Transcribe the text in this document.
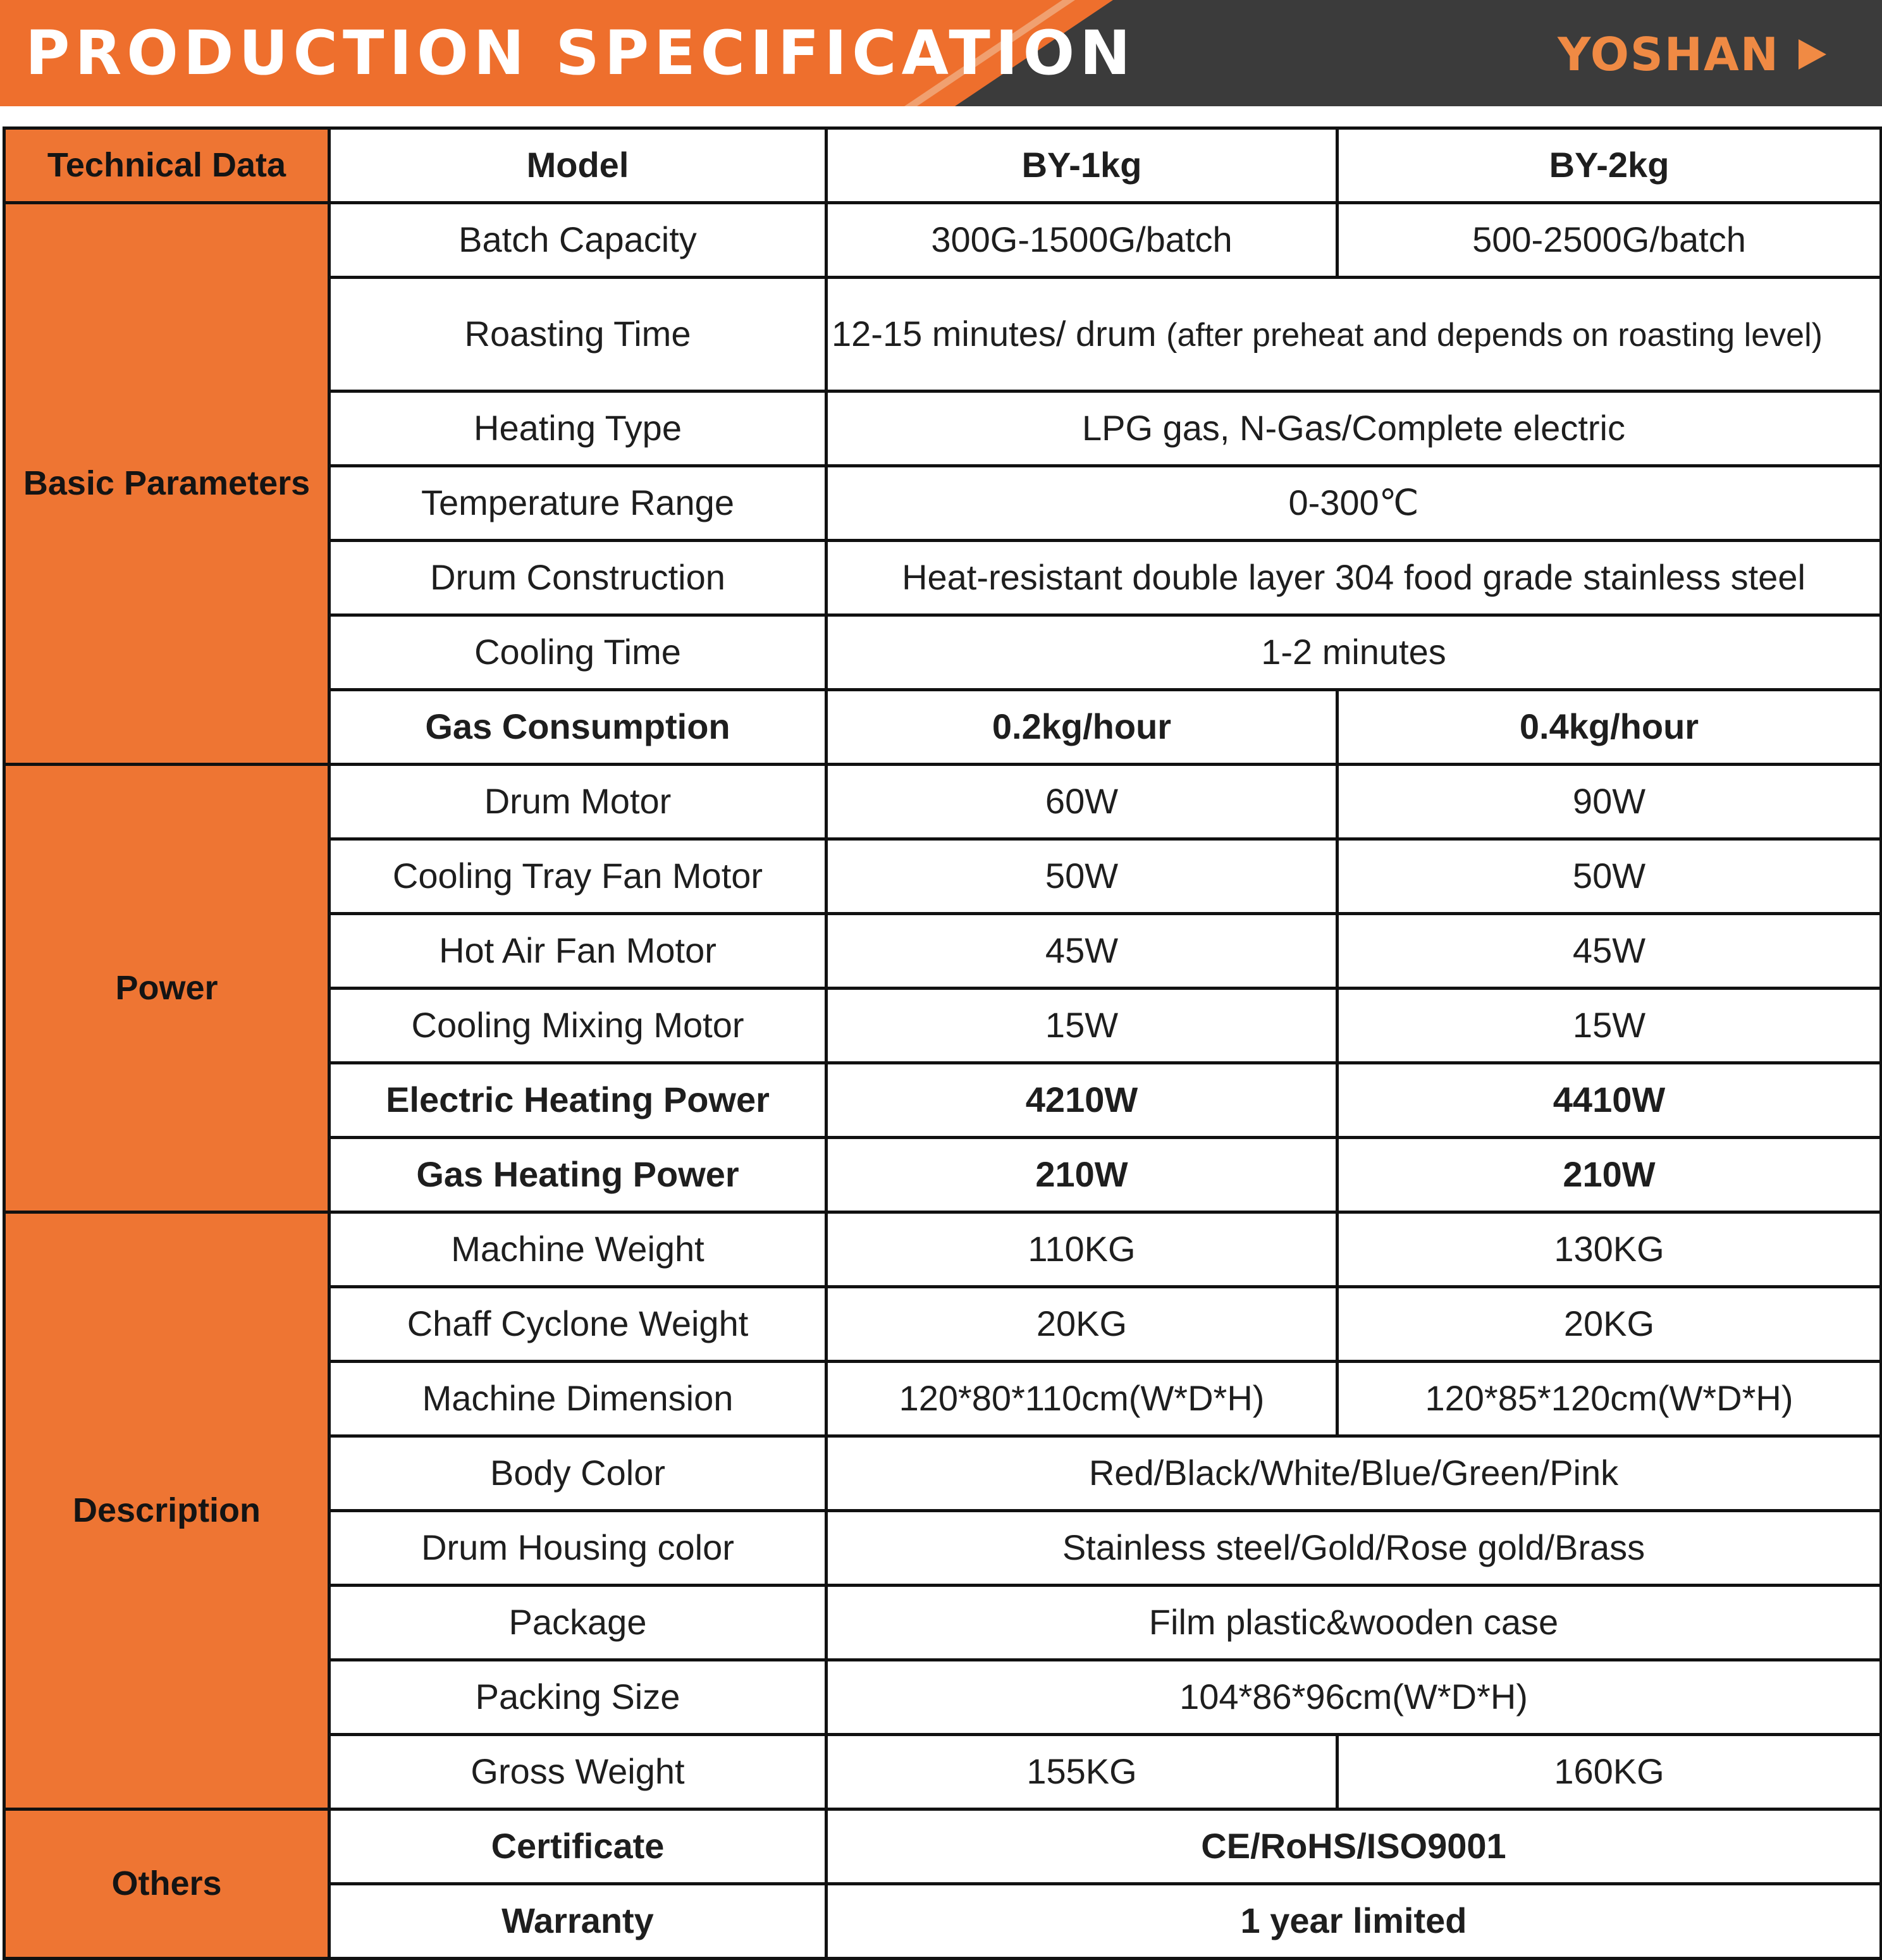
PRODUCTION SPECIFICATION	YOSHAN
Technical Data	Model	BY-1kg	BY-2kg
Basic Parameters	Batch Capacity	300G-1500G/batch	500-2500G/batch
	Roasting Time	12-15 minutes/ drum (after preheat and depends on roasting level)	
	Heating Type	LPG gas, N-Gas/Complete electric	
	Temperature Range	0-300℃	
	Drum Construction	Heat-resistant double layer 304 food grade stainless steel	
	Cooling Time	1-2 minutes	
	Gas Consumption	0.2kg/hour	0.4kg/hour

Power	Drum Motor	60W	90W
	Cooling Tray Fan Motor	50W	50W
	Hot Air Fan Motor	45W	45W
	Cooling Mixing Motor	15W	15W
	Electric Heating Power	4210W	4410W
	Gas Heating Power	210W	210W
Description	Machine Weight	110KG	130KG
	Chaff Cyclone Weight	20KG	20KG
	Machine Dimension	120*80*110cm(W*D*H)	120*85*120cm(W*D*H)
	Body Color	Red/Black/White/Blue/Green/Pink	
	Drum Housing color	Stainless steel/Gold/Rose gold/Brass	
	Package	Film plastic&wooden case	
	Packing Size	104*86*96cm(W*D*H)	
	Gross Weight	155KG	160KG
Others	Certificate	CE/RoHS/ISO9001	
	Warranty	1 year limited	
